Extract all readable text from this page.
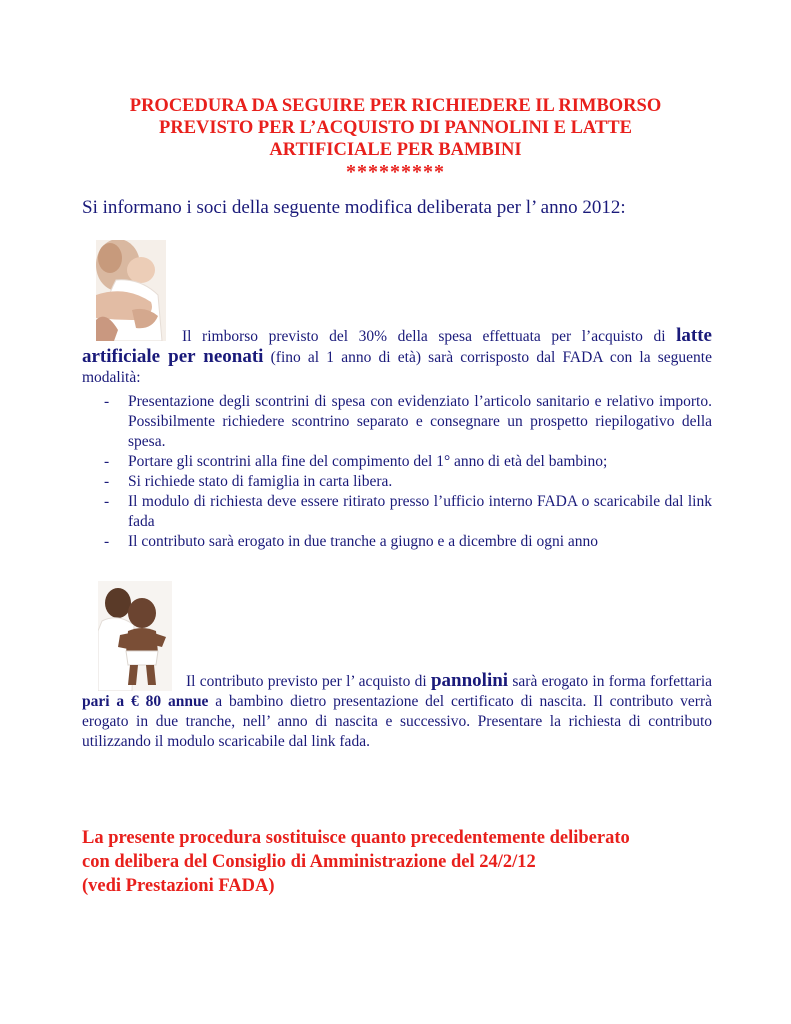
PROCEDURA DA SEGUIRE PER RICHIEDERE IL RIMBORSO
PREVISTO PER L’ACQUISTO DI PANNOLINI E LATTE
ARTIFICIALE PER BAMBINI
*********
Si informano i soci della seguente modifica deliberata per l’ anno 2012:
Il rimborso previsto del 30% della spesa effettuata per l’acquisto di latte artificiale per neonati (fino al 1 anno di età) sarà corrisposto dal FADA con la seguente modalità:
- Presentazione degli scontrini di spesa con evidenziato l’articolo sanitario e relativo importo. Possibilmente richiedere scontrino separato e consegnare un prospetto riepilogativo della spesa.
- Portare gli scontrini alla fine del compimento del 1° anno di età del bambino;
- Si richiede stato di famiglia in carta libera.
- Il modulo di richiesta deve essere ritirato presso l’ufficio interno FADA o scaricabile dal link fada
- Il contributo sarà erogato in due tranche a giugno e a dicembre di ogni anno
Il contributo previsto per l’ acquisto di pannolini sarà erogato in forma forfettaria pari a € 80 annue a bambino dietro presentazione del certificato di nascita. Il contributo verrà erogato in due tranche, nell’ anno di nascita e successivo. Presentare la richiesta di contributo utilizzando il modulo scaricabile dal link fada.
La presente procedura sostituisce quanto precedentemente deliberato
con delibera del Consiglio di Amministrazione del 24/2/12
(vedi Prestazioni FADA)
